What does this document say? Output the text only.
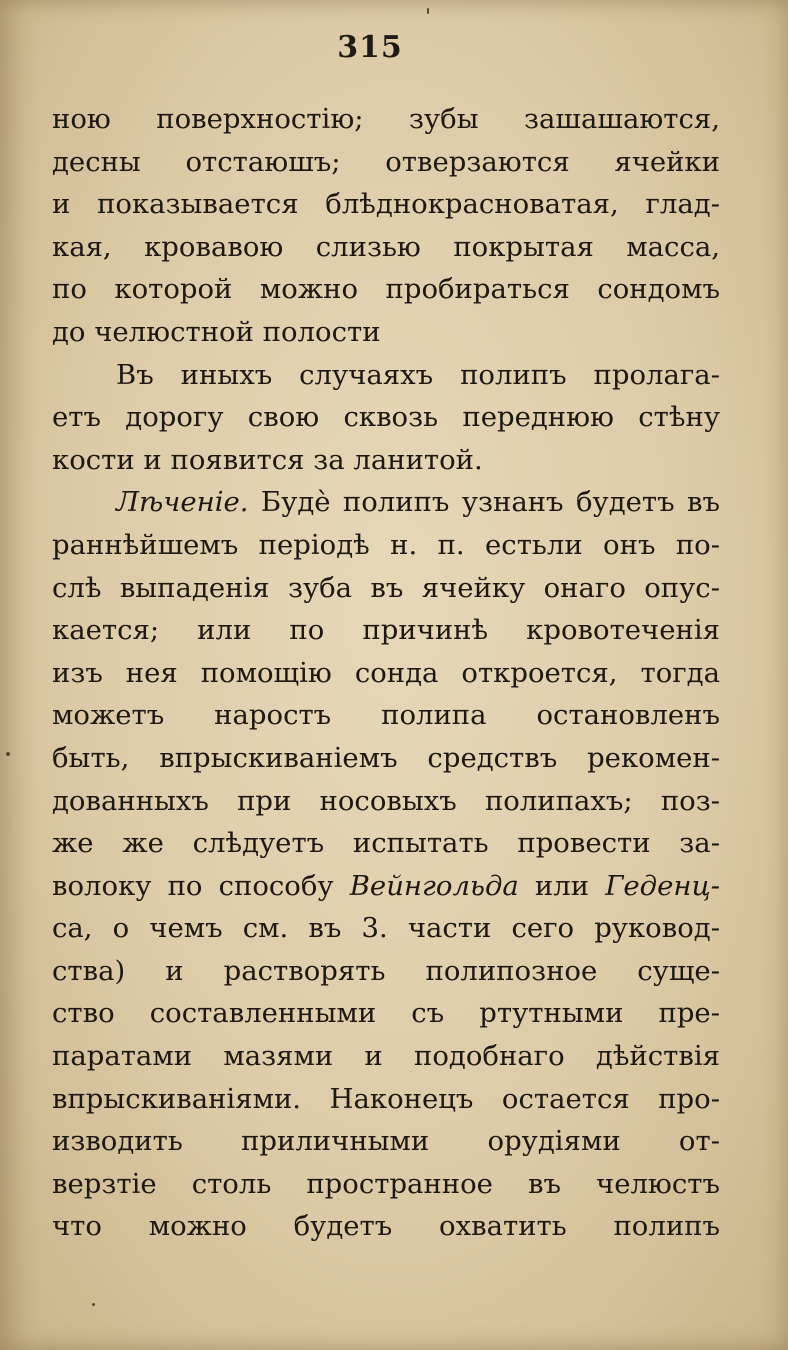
315
ною поверхностію; зубы зашашаются,
десны отстаюшъ; отверзаются ячейки
и показывается блѣднокрасноватая, глад-
кая, кровавою слизью покрытая масса,
по которой можно пробираться сондомъ
до челюстной полости
Въ иныхъ случаяхъ полипъ пролага-
етъ дорогу свою сквозь переднюю стѣну
кости и появится за ланитой.
Лѣченіе. Будѐ полипъ узнанъ будетъ въ
раннѣйшемъ періодѣ н. п. естьли онъ по-
слѣ выпаденія зуба въ ячейку онаго опус-
кается; или по причинѣ кровотеченія
изъ нея помощію сонда откроется, тогда
можетъ наростъ полипа остановленъ
быть, впрыскиваніемъ средствъ рекомен-
дованныхъ при носовыхъ полипахъ; поз-
же же слѣдуетъ испытать провести за-
волоку по способу Вейнгольда или Геденц-
са, о чемъ см. въ 3. части сего руковод-
ства) и растворять полипозное суще-
ство составленными съ ртутными пре-
паратами мазями и подобнаго дѣйствія
впрыскиваніями. Наконецъ остается про-
изводить приличными орудіями от-
верзтіе столь пространное въ челюстъ
что можно будетъ охватить полипъ
